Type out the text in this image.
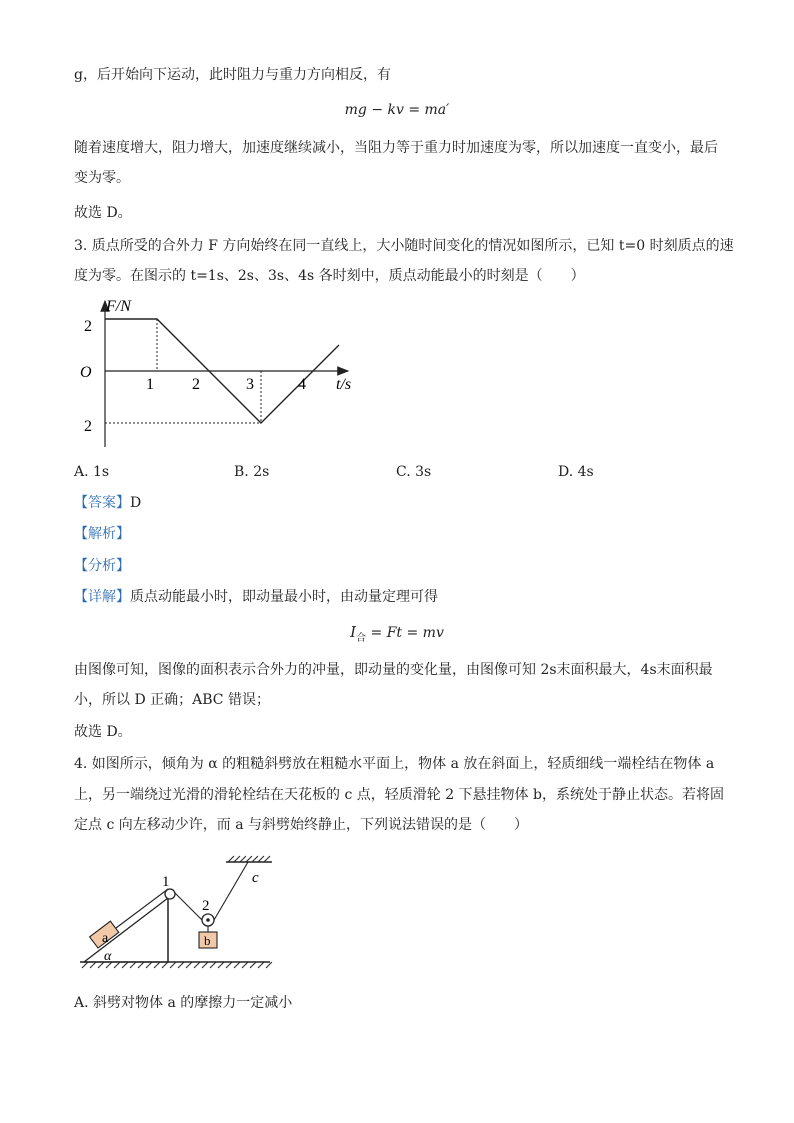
g，后开始向下运动，此时阻力与重力方向相反，有
mg − kv = ma′
随着速度增大，阻力增大，加速度继续减小，当阻力等于重力时加速度为零，所以加速度一直变小，最后
变为零。
故选 D。
3. 质点所受的合外力 F 方向始终在同一直线上，大小随时间变化的情况如图所示，已知 t=0 时刻质点的速
度为零。在图示的 t=1s、2s、3s、4s 各时刻中，质点动能最小的时刻是（　　）
F/N
t/s
O
2
2
1 2	3	4
A. 1s	B. 2s	C. 3s	D. 4s
【答案】D
【解析】
【分析】
【详解】质点动能最小时，即动量最小时，由动量定理可得
$I_合 = Ft$ = mv
由图像可知，图像的面积表示合外力的冲量，即动量的变化量，由图像可知 2s末面积最大，4s末面积最
小，所以 D 正确；ABC 错误；
故选 D。
4. 如图所示，倾角为 α 的粗糙斜劈放在粗糙水平面上，物体 a 放在斜面上，轻质细线一端栓结在物体 a
上，另一端绕过光滑的滑轮栓结在天花板的 c 点，轻质滑轮 2 下悬挂物体 b，系统处于静止状态。若将固
定点 c 向左移动少许，而 a 与斜劈始终静止，下列说法错误的是（　　）
1
2
c
a	b
α
A. 斜劈对物体 a 的摩擦力一定减小
